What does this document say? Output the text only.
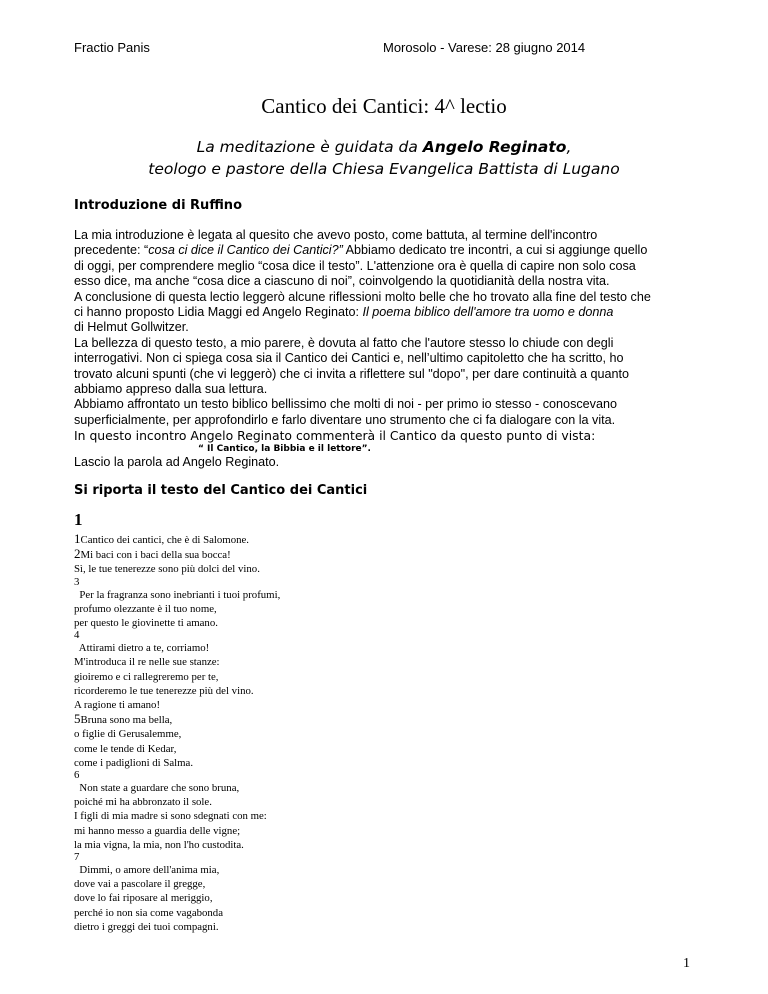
Fractio Panis	Morosolo - Varese: 28 giugno 2014
Cantico dei Cantici: 4^ lectio
La meditazione è guidata da Angelo Reginato,
teologo e pastore della Chiesa Evangelica Battista di Lugano
Introduzione di Ruffino

La mia introduzione è legata al quesito che avevo posto, come battuta, al termine dell'incontro

precedente: “cosa ci dice il Cantico dei Cantici?” Abbiamo dedicato tre incontri, a cui si aggiunge quello

di oggi, per comprendere meglio “cosa dice il testo”. L'attenzione ora è quella di capire non solo cosa

esso dice, ma anche “cosa dice a ciascuno di noi”, coinvolgendo la quotidianità della nostra vita.

A conclusione di questa lectio leggerò alcune riflessioni molto belle che ho trovato alla fine del testo che

ci hanno proposto Lidia Maggi ed Angelo Reginato: Il poema biblico dell'amore tra uomo e donna

di Helmut Gollwitzer.

La bellezza di questo testo, a mio parere, è dovuta al fatto che l'autore stesso lo chiude con degli

interrogativi. Non ci spiega cosa sia il Cantico dei Cantici e, nell’ultimo capitoletto che ha scritto, ho

trovato alcuni spunti (che vi leggerò) che ci invita a riflettere sul "dopo", per dare continuità a quanto

abbiamo appreso dalla sua lettura.

Abbiamo affrontato un testo biblico bellissimo che molti di noi - per primo io stesso - conoscevano

superficialmente, per approfondirlo e farlo diventare uno strumento che ci fa dialogare con la vita.

In questo incontro Angelo Reginato commenterà il Cantico da questo punto di vista:

“ Il Cantico, la Bibbia e il lettore”.

Lascio la parola ad Angelo Reginato.

Si riporta il testo del Cantico dei Cantici
1
1Cantico dei cantici, che è di Salomone.
2Mi baci con i baci della sua bocca!
Sì, le tue tenerezze sono più dolci del vino.
3
Per la fragranza sono inebrianti i tuoi profumi,
profumo olezzante è il tuo nome,
per questo le giovinette ti amano.
4
Attirami dietro a te, corriamo!
M'introduca il re nelle sue stanze:
gioiremo e ci rallegreremo per te,
ricorderemo le tue tenerezze più del vino.
A ragione ti amano!
5Bruna sono ma bella,
o figlie di Gerusalemme,
come le tende di Kedar,
come i padiglioni di Salma.
6
Non state a guardare che sono bruna,
poiché mi ha abbronzato il sole.
I figli di mia madre si sono sdegnati con me:
mi hanno messo a guardia delle vigne;
la mia vigna, la mia, non l'ho custodita.
7
Dimmi, o amore dell'anima mia,
dove vai a pascolare il gregge,
dove lo fai riposare al meriggio,
perché io non sia come vagabonda
dietro i greggi dei tuoi compagni.
1
